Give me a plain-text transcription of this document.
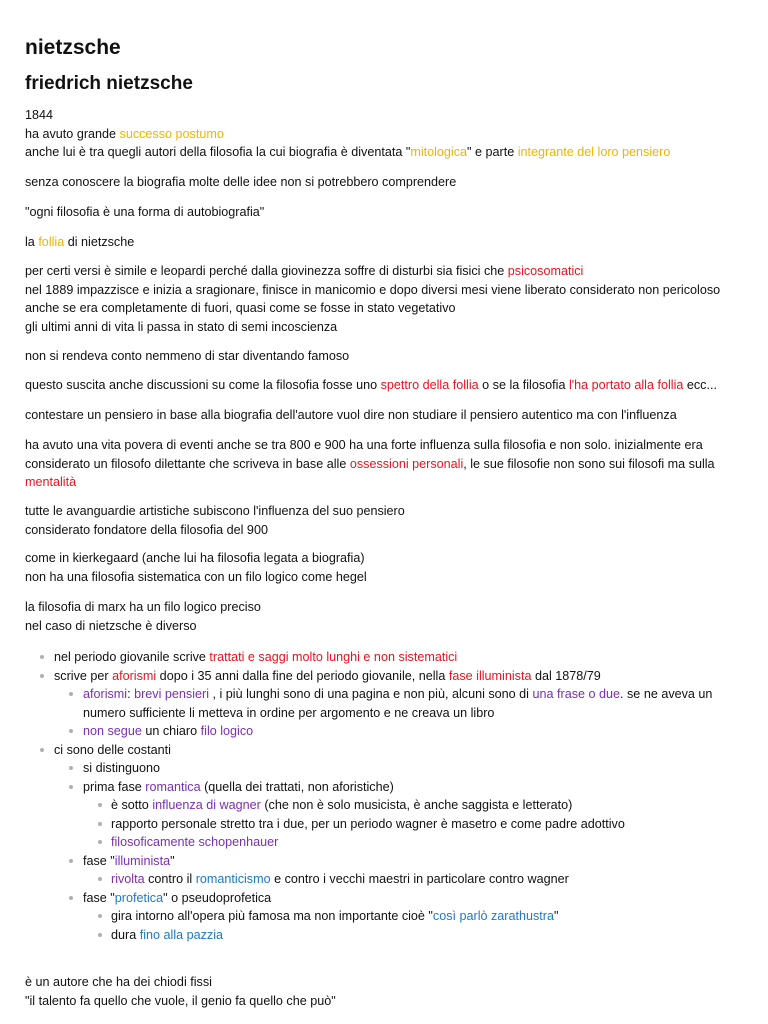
nietzsche
friedrich nietzsche
1844
ha avuto grande successo postumo
anche lui è tra quegli autori della filosofia la cui biografia è diventata "mitologica" e parte integrante del loro pensiero
senza conoscere la biografia molte delle idee non si potrebbero comprendere
"ogni filosofia è una forma di autobiografia"
la follia di nietzsche
per certi versi è simile e leopardi perché dalla giovinezza soffre di disturbi sia fisici che psicosomatici
nel 1889 impazzisce e inizia a sragionare, finisce in manicomio e dopo diversi mesi viene liberato considerato non pericoloso
anche se era completamente di fuori, quasi come se fosse in stato vegetativo
gli ultimi anni di vita li passa in stato di semi incoscienza
non si rendeva conto nemmeno di star diventando famoso
questo suscita anche discussioni su come la filosofia fosse uno spettro della follia o se la filosofia l'ha portato alla follia ecc...
contestare un pensiero in base alla biografia dell'autore vuol dire non studiare il pensiero autentico ma con l'influenza
ha avuto una vita povera di eventi anche se tra 800 e 900 ha una forte influenza sulla filosofia e non solo. inizialmente era
considerato un filosofo dilettante che scriveva in base alle ossessioni personali, le sue filosofie non sono sui filosofi ma sulla
mentalità
tutte le avanguardie artistiche subiscono l'influenza del suo pensiero
considerato fondatore della filosofia del 900
come in kierkegaard (anche lui ha filosofia legata a biografia)
non ha una filosofia sistematica con un filo logico come hegel
la filosofia di marx ha un filo logico preciso
nel caso di nietzsche è diverso
nel periodo giovanile scrive trattati e saggi molto lunghi e non sistematici
scrive per aforismi dopo i 35 anni dalla fine del periodo giovanile, nella fase illuminista dal 1878/79
aforismi: brevi pensieri , i più lunghi sono di una pagina e non più, alcuni sono di una frase o due. se ne aveva un
numero sufficiente li metteva in ordine per argomento e ne creava un libro
non segue un chiaro filo logico
ci sono delle costanti
si distinguono
prima fase romantica (quella dei trattati, non aforistiche)
è sotto influenza di wagner (che non è solo musicista, è anche saggista e letterato)
rapporto personale stretto tra i due, per un periodo wagner è masetro e come padre adottivo
filosoficamente schopenhauer
fase "illuminista"
rivolta contro il romanticismo e contro i vecchi maestri in particolare contro wagner
fase "profetica" o pseudoprofetica
gira intorno all'opera più famosa ma non importante cioè "così parlò zarathustra"
dura fino alla pazzia
è un autore che ha dei chiodi fissi
"il talento fa quello che vuole, il genio fa quello che può"
